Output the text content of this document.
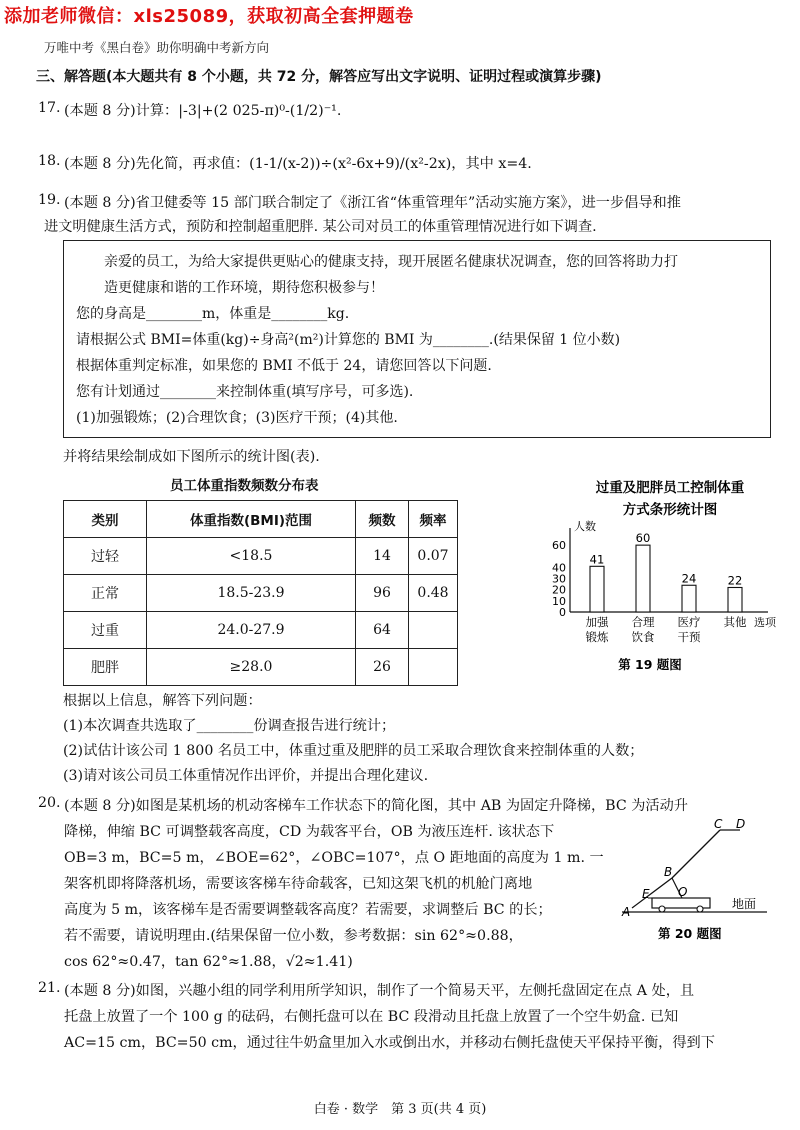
添加老师微信：xls25089，获取初高全套押题卷
万唯中考《黑白卷》助你明确中考新方向
三、解答题(本大题共有 8 个小题，共 72 分，解答应写出文字说明、证明过程或演算步骤)
17. (本题 8 分)计算：|-3|+(2 025-π)⁰-(1/2)⁻¹.
18. (本题 8 分)先化简，再求值：(1-1/(x-2))÷(x²-6x+9)/(x²-2x)，其中 x=4.
19. (本题 8 分)省卫健委等 15 部门联合制定了《浙江省“体重管理年”活动实施方案》，进一步倡导和推
进文明健康生活方式，预防和控制超重肥胖. 某公司对员工的体重管理情况进行如下调查.
亲爱的员工，为给大家提供更贴心的健康支持，现开展匿名健康状况调查，您的回答将助力打
造更健康和谐的工作环境，期待您积极参与！
您的身高是________m，体重是________kg.
请根据公式 BMI=体重(kg)÷身高²(m²)计算您的 BMI 为________.(结果保留 1 位小数)
根据体重判定标准，如果您的 BMI 不低于 24，请您回答以下问题.
您有计划通过________来控制体重(填写序号，可多选).
(1)加强锻炼；(2)合理饮食；(3)医疗干预；(4)其他.
并将结果绘制成如下图所示的统计图(表).
员工体重指数频数分布表
类别	体重指数(BMI)范围	频数	频率
过轻	<18.5	14	0.07
正常	18.5-23.9	96	0.48
过重	24.0-27.9	64	
肥胖	≥28.0	26	
过重及肥胖员工控制体重
方式条形统计图
人数
选项
0
10
20
30
40
60
41
加强
锻炼
60
合理
饮食
24
医疗
干预
22
其他
第 19 题图
根据以上信息，解答下列问题：
(1)本次调查共选取了________份调查报告进行统计；
(2)试估计该公司 1 800 名员工中，体重过重及肥胖的员工采取合理饮食来控制体重的人数；
(3)请对该公司员工体重情况作出评价，并提出合理化建议.
20. (本题 8 分)如图是某机场的机动客梯车工作状态下的简化图，其中 AB 为固定升降梯，BC 为活动升
降梯，伸缩 BC 可调整载客高度，CD 为载客平台，OB 为液压连杆. 该状态下
OB=3 m，BC=5 m，∠BOE=62°，∠OBC=107°，点 O 距地面的高度为 1 m. 一
架客机即将降落机场，需要该客梯车待命载客，已知这架飞机的机舱门离地
高度为 5 m，该客梯车是否需要调整载客高度？若需要，求调整后 BC 的长；
若不需要，请说明理由.(结果保留一位小数，参考数据：sin 62°≈0.88，
cos 62°≈0.47，tan 62°≈1.88，√2≈1.41)
A
B
C D
E O
地面
第 20 题图
21. (本题 8 分)如图，兴趣小组的同学利用所学知识，制作了一个简易天平，左侧托盘固定在点 A 处，且
托盘上放置了一个 100 g 的砝码，右侧托盘可以在 BC 段滑动且托盘上放置了一个空牛奶盒. 已知
AC=15 cm，BC=50 cm，通过往牛奶盒里加入水或倒出水，并移动右侧托盘使天平保持平衡，得到下
白卷 · 数学　第 3 页(共 4 页)
